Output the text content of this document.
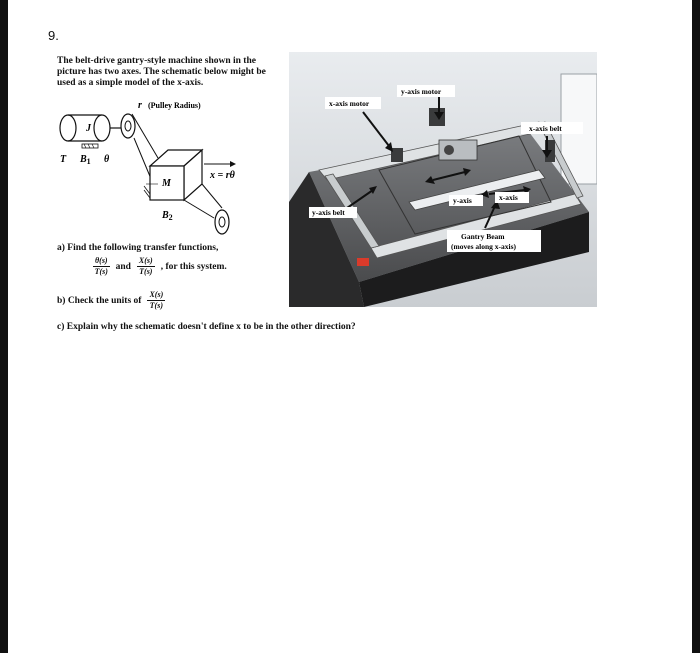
9.
The belt-drive gantry-style machine shown in the picture has two axes. The schematic below might be used as a simple model of the x-axis.
(Pulley Radius)
r
J
T $B_1$ θ
M
$B_2$
x = rθ
x-axis motor
y-axis motor
x-axis belt
y-axis	x-axis
y-axis belt
Gantry Beam
(moves along x-axis)
a) Find the following transfer functions,
$\frac{\theta(s)}{T(s)}$ and $\frac{X(s)}{T(s)}$ , for this system.
b) Check the units of $\frac{X(s)}{T(s)}$
c) Explain why the schematic doesn't define x to be in the other direction?
